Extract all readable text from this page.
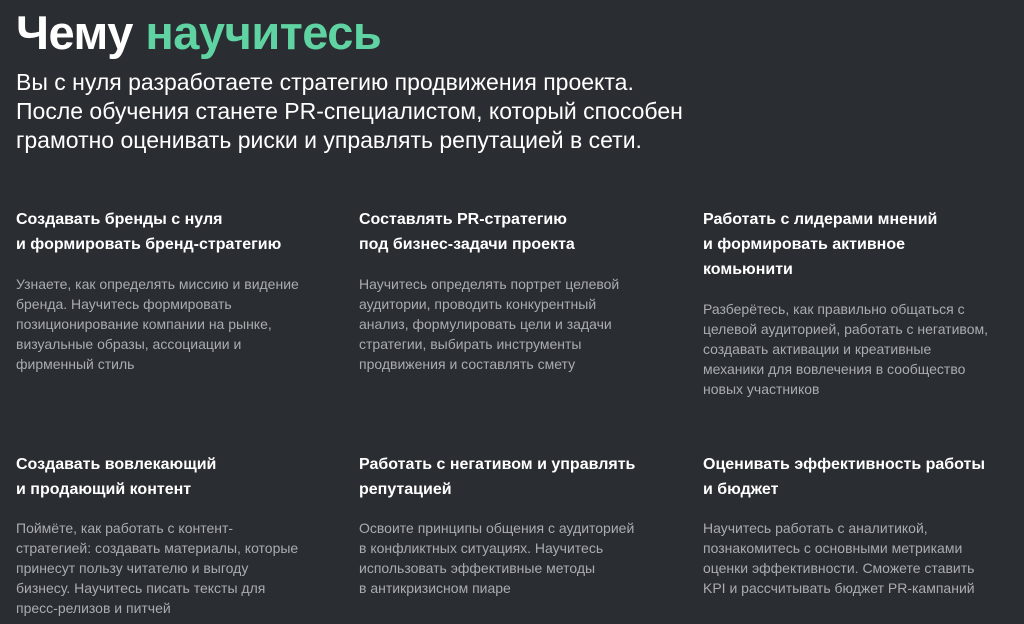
Чему научитесь

Вы с нуля разработаете стратегию продвижения проекта.
После обучения станете PR-специалистом, который способен
грамотно оценивать риски и управлять репутацией в сети.

Создавать бренды с нуля
и формировать бренд-стратегию

Узнаете, как определять миссию и видение
бренда. Научитесь формировать
позиционирование компании на рынке,
визуальные образы, ассоциации и
фирменный стиль

Составлять PR-стратегию
под бизнес-задачи проекта

Научитесь определять портрет целевой
аудитории, проводить конкурентный
анализ, формулировать цели и задачи
стратегии, выбирать инструменты
продвижения и составлять смету

Работать с лидерами мнений
и формировать активное
комьюнити

Разберётесь, как правильно общаться с
целевой аудиторией, работать с негативом,
создавать активации и креативные
механики для вовлечения в сообщество
новых участников

Создавать вовлекающий
и продающий контент

Поймёте, как работать с контент-
стратегией: создавать материалы, которые
принесут пользу читателю и выгоду
бизнесу. Научитесь писать тексты для
пресс-релизов и питчей

Работать с негативом и управлять
репутацией

Освоите принципы общения с аудиторией
в конфликтных ситуациях. Научитесь
использовать эффективные методы
в антикризисном пиаре

Оценивать эффективность работы
и бюджет

Научитесь работать с аналитикой,
познакомитесь с основными метриками
оценки эффективности. Сможете ставить
KPI и рассчитывать бюджет PR-кампаний
